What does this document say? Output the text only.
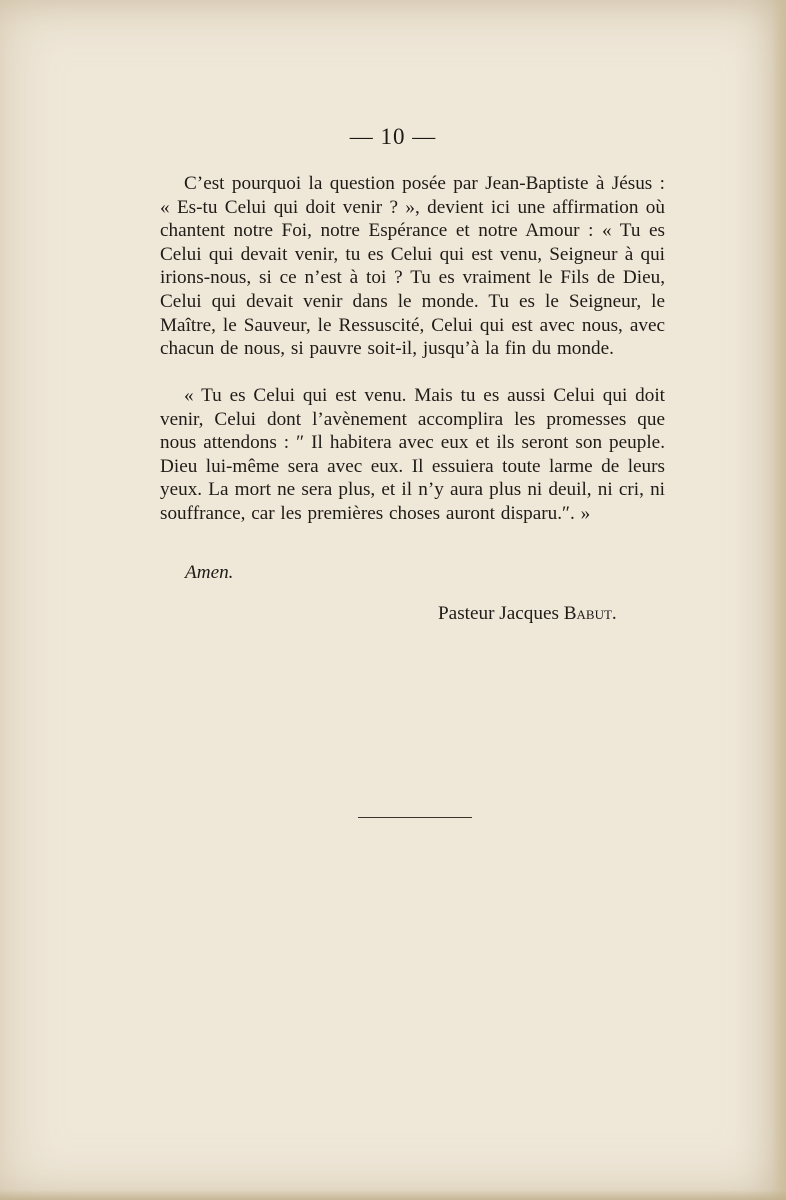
— 10 —

C’est pourquoi la question posée par Jean-Baptiste à Jésus : « Es-tu Celui qui doit venir ? », devient ici une affirmation où chantent notre Foi, notre Espérance et notre Amour : « Tu es Celui qui devait venir, tu es Celui qui est venu, Seigneur à qui irions-nous, si ce n’est à toi ? Tu es vraiment le Fils de Dieu, Celui qui devait venir dans le monde. Tu es le Seigneur, le Maître, le Sauveur, le Ressuscité, Celui qui est avec nous, avec chacun de nous, si pauvre soit-il, jusqu’à la fin du monde.

« Tu es Celui qui est venu. Mais tu es aussi Celui qui doit venir, Celui dont l’avènement accomplira les promesses que nous attendons : ″ Il habitera avec eux et ils seront son peuple. Dieu lui-même sera avec eux. Il essuiera toute larme de leurs yeux. La mort ne sera plus, et il n’y aura plus ni deuil, ni cri, ni souffrance, car les premières choses auront disparu.″. »

Amen.
Pasteur Jacques Babut.
